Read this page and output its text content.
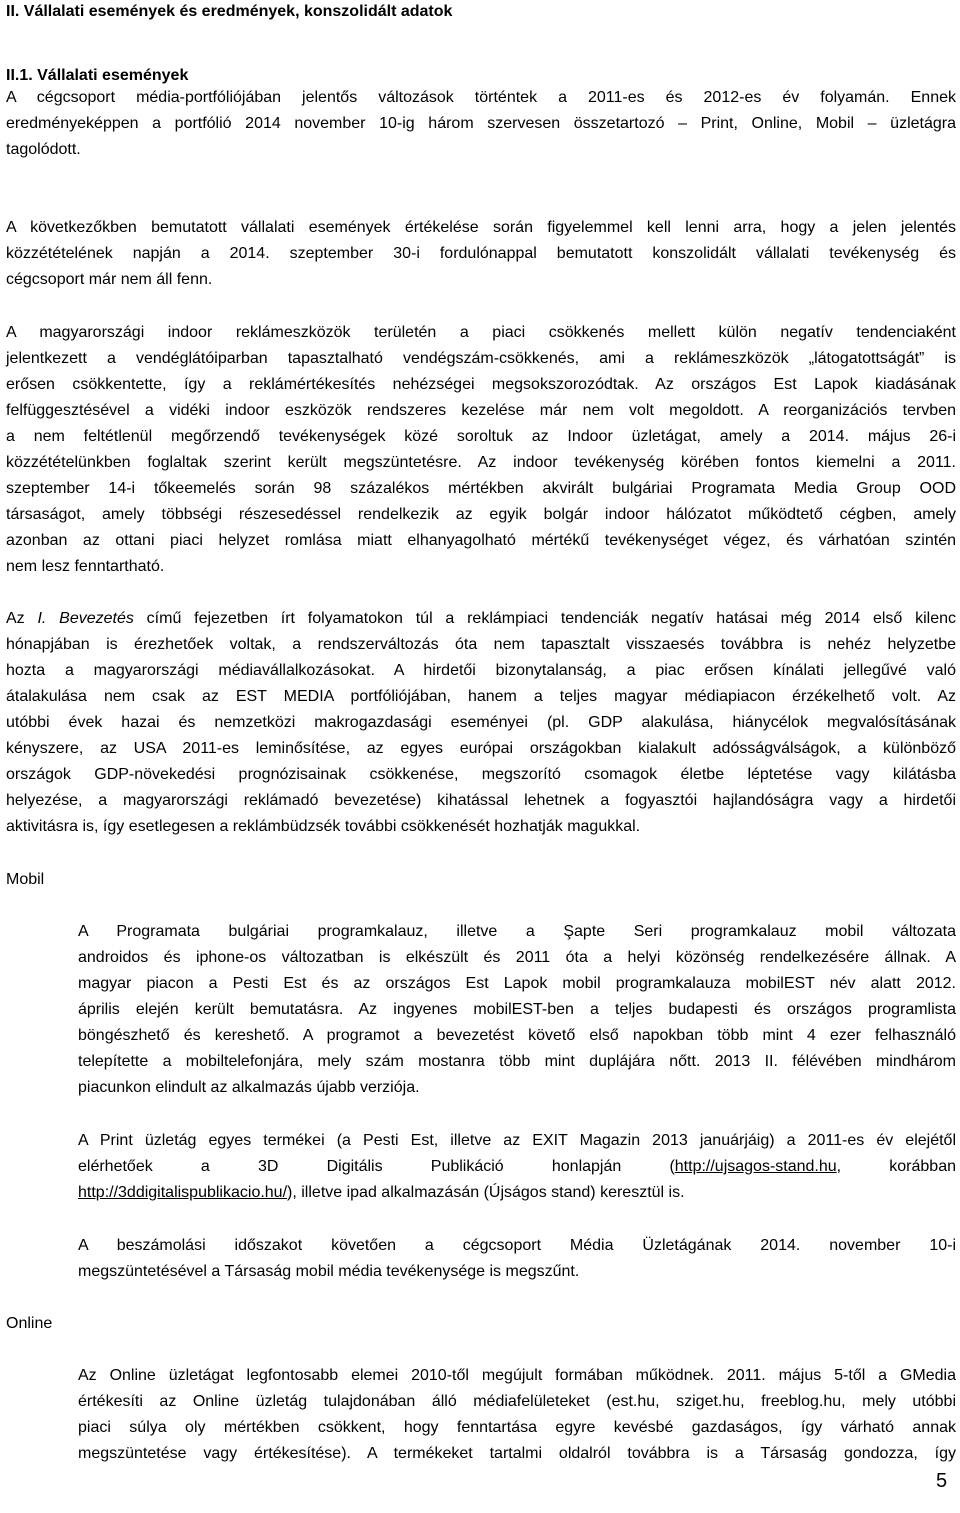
II. Vállalati események és eredmények, konszolidált adatok
II.1. Vállalati események
A cégcsoport média-portfóliójában jelentős változások történtek a 2011-es és 2012-es év folyamán. Ennek
eredményeképpen a portfólió 2014 november 10-ig három szervesen összetartozó – Print, Online, Mobil – üzletágra
tagolódott.
A következőkben bemutatott vállalati események értékelése során figyelemmel kell lenni arra, hogy a jelen jelentés
közzétételének napján a 2014. szeptember 30-i fordulónappal bemutatott konszolidált vállalati tevékenység és
cégcsoport már nem áll fenn.
A magyarországi indoor reklámeszközök területén a piaci csökkenés mellett külön negatív tendenciaként
jelentkezett a vendéglátóiparban tapasztalható vendégszám-csökkenés, ami a reklámeszközök „látogatottságát” is
erősen csökkentette, így a reklámértékesítés nehézségei megsokszorozódtak. Az országos Est Lapok kiadásának
felfüggesztésével a vidéki indoor eszközök rendszeres kezelése már nem volt megoldott. A reorganizációs tervben
a nem feltétlenül megőrzendő tevékenységek közé soroltuk az Indoor üzletágat, amely a 2014. május 26-i
közzétételünkben foglaltak szerint került megszüntetésre. Az indoor tevékenység körében fontos kiemelni a 2011.
szeptember 14-i tőkeemelés során 98 százalékos mértékben akvirált bulgáriai Programata Media Group OOD
társaságot, amely többségi részesedéssel rendelkezik az egyik bolgár indoor hálózatot működtető cégben, amely
azonban az ottani piaci helyzet romlása miatt elhanyagolható mértékű tevékenységet végez, és várhatóan szintén
nem lesz fenntartható.
Az I. Bevezetés című fejezetben írt folyamatokon túl a reklámpiaci tendenciák negatív hatásai még 2014 első kilenc
hónapjában is érezhetőek voltak, a rendszerváltozás óta nem tapasztalt visszaesés továbbra is nehéz helyzetbe
hozta a magyarországi médiavállalkozásokat. A hirdetői bizonytalanság, a piac erősen kínálati jellegűvé való
átalakulása nem csak az EST MEDIA portfóliójában, hanem a teljes magyar médiapiacon érzékelhető volt. Az
utóbbi évek hazai és nemzetközi makrogazdasági eseményei (pl. GDP alakulása, hiánycélok megvalósításának
kényszere, az USA 2011-es leminősítése, az egyes európai országokban kialakult adósságválságok, a különböző
országok GDP-növekedési prognózisainak csökkenése, megszorító csomagok életbe léptetése vagy kilátásba
helyezése, a magyarországi reklámadó bevezetése) kihatással lehetnek a fogyasztói hajlandóságra vagy a hirdetői
aktivitásra is, így esetlegesen a reklámbüdzsék további csökkenését hozhatják magukkal.
Mobil
A Programata bulgáriai programkalauz, illetve a Şapte Seri programkalauz mobil változata
androidos és iphone-os változatban is elkészült és 2011 óta a helyi közönség rendelkezésére állnak. A
magyar piacon a Pesti Est és az országos Est Lapok mobil programkalauza mobilEST név alatt 2012.
április elején került bemutatásra. Az ingyenes mobilEST-ben a teljes budapesti és országos programlista
böngészhető és kereshető. A programot a bevezetést követő első napokban több mint 4 ezer felhasználó
telepítette a mobiltelefonjára, mely szám mostanra több mint duplájára nőtt. 2013 II. félévében mindhárom
piacunkon elindult az alkalmazás újabb verziója.
A Print üzletág egyes termékei (a Pesti Est, illetve az EXIT Magazin 2013 januárjáig) a 2011-es év elejétől
elérhetőek a 3D Digitális Publikáció honlapján (http://ujsagos-stand.hu, korábban
http://3ddigitalispublikacio.hu/), illetve ipad alkalmazásán (Újságos stand) keresztül is.
A beszámolási időszakot követően a cégcsoport Média Üzletágának 2014. november 10-i
megszüntetésével a Társaság mobil média tevékenysége is megszűnt.
Online
Az Online üzletágat legfontosabb elemei 2010-től megújult formában működnek. 2011. május 5-től a GMedia
értékesíti az Online üzletág tulajdonában álló médiafelületeket (est.hu, sziget.hu, freeblog.hu, mely utóbbi
piaci súlya oly mértékben csökkent, hogy fenntartása egyre kevésbé gazdaságos, így várható annak
megszüntetése vagy értékesítése). A termékeket tartalmi oldalról továbbra is a Társaság gondozza, így
5
